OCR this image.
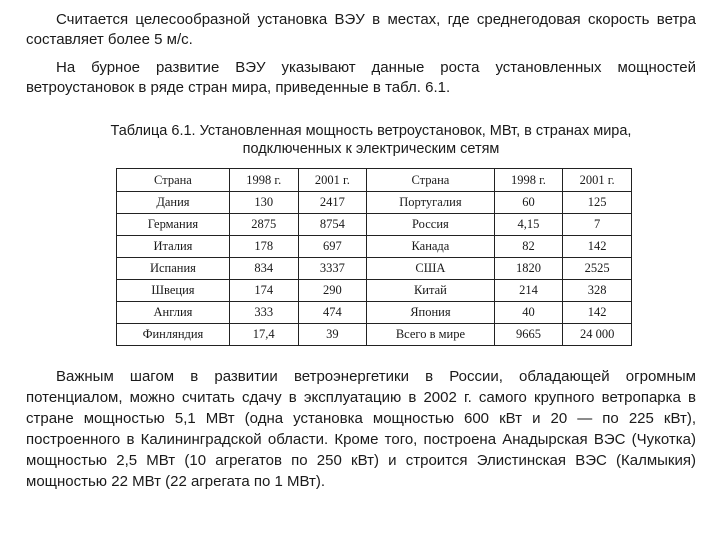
Считается целесообразной установка ВЭУ в местах, где среднегодовая скорость ветра составляет более 5 м/с.

На бурное развитие ВЭУ указывают данные роста установленных мощностей ветроустановок в ряде стран мира, приведенные в табл. 6.1.

Таблица 6.1. Установленная мощность ветроустановок, МВт, в странах мира,
подключенных к электрическим сетям
Страна	1998 г.	2001 г.	Страна	1998 г.	2001 г.
Дания	130	2417	Португалия	60	125
Германия	2875	8754	Россия	4,15	7
Италия	178	697	Канада	82	142
Испания	834	3337	США	1820	2525
Швеция	174	290	Китай	214	328
Англия	333	474	Япония	40	142
Финляндия	17,4	39	Всего в мире	9665	24 000

Важным шагом в развитии ветроэнергетики в России, обладающей огромным потенциалом, можно считать сдачу в эксплуатацию в 2002 г. самого крупного ветропарка в стране мощностью 5,1 МВт (одна установка мощностью 600 кВт и 20 — по 225 кВт), построенного в Калининградской области. Кроме того, построена Анадырская ВЭС (Чукотка) мощностью 2,5 МВт (10 агрегатов по 250 кВт) и строится Элистинская ВЭС (Калмыкия) мощностью 22 МВт (22 агрегата по 1 МВт).
